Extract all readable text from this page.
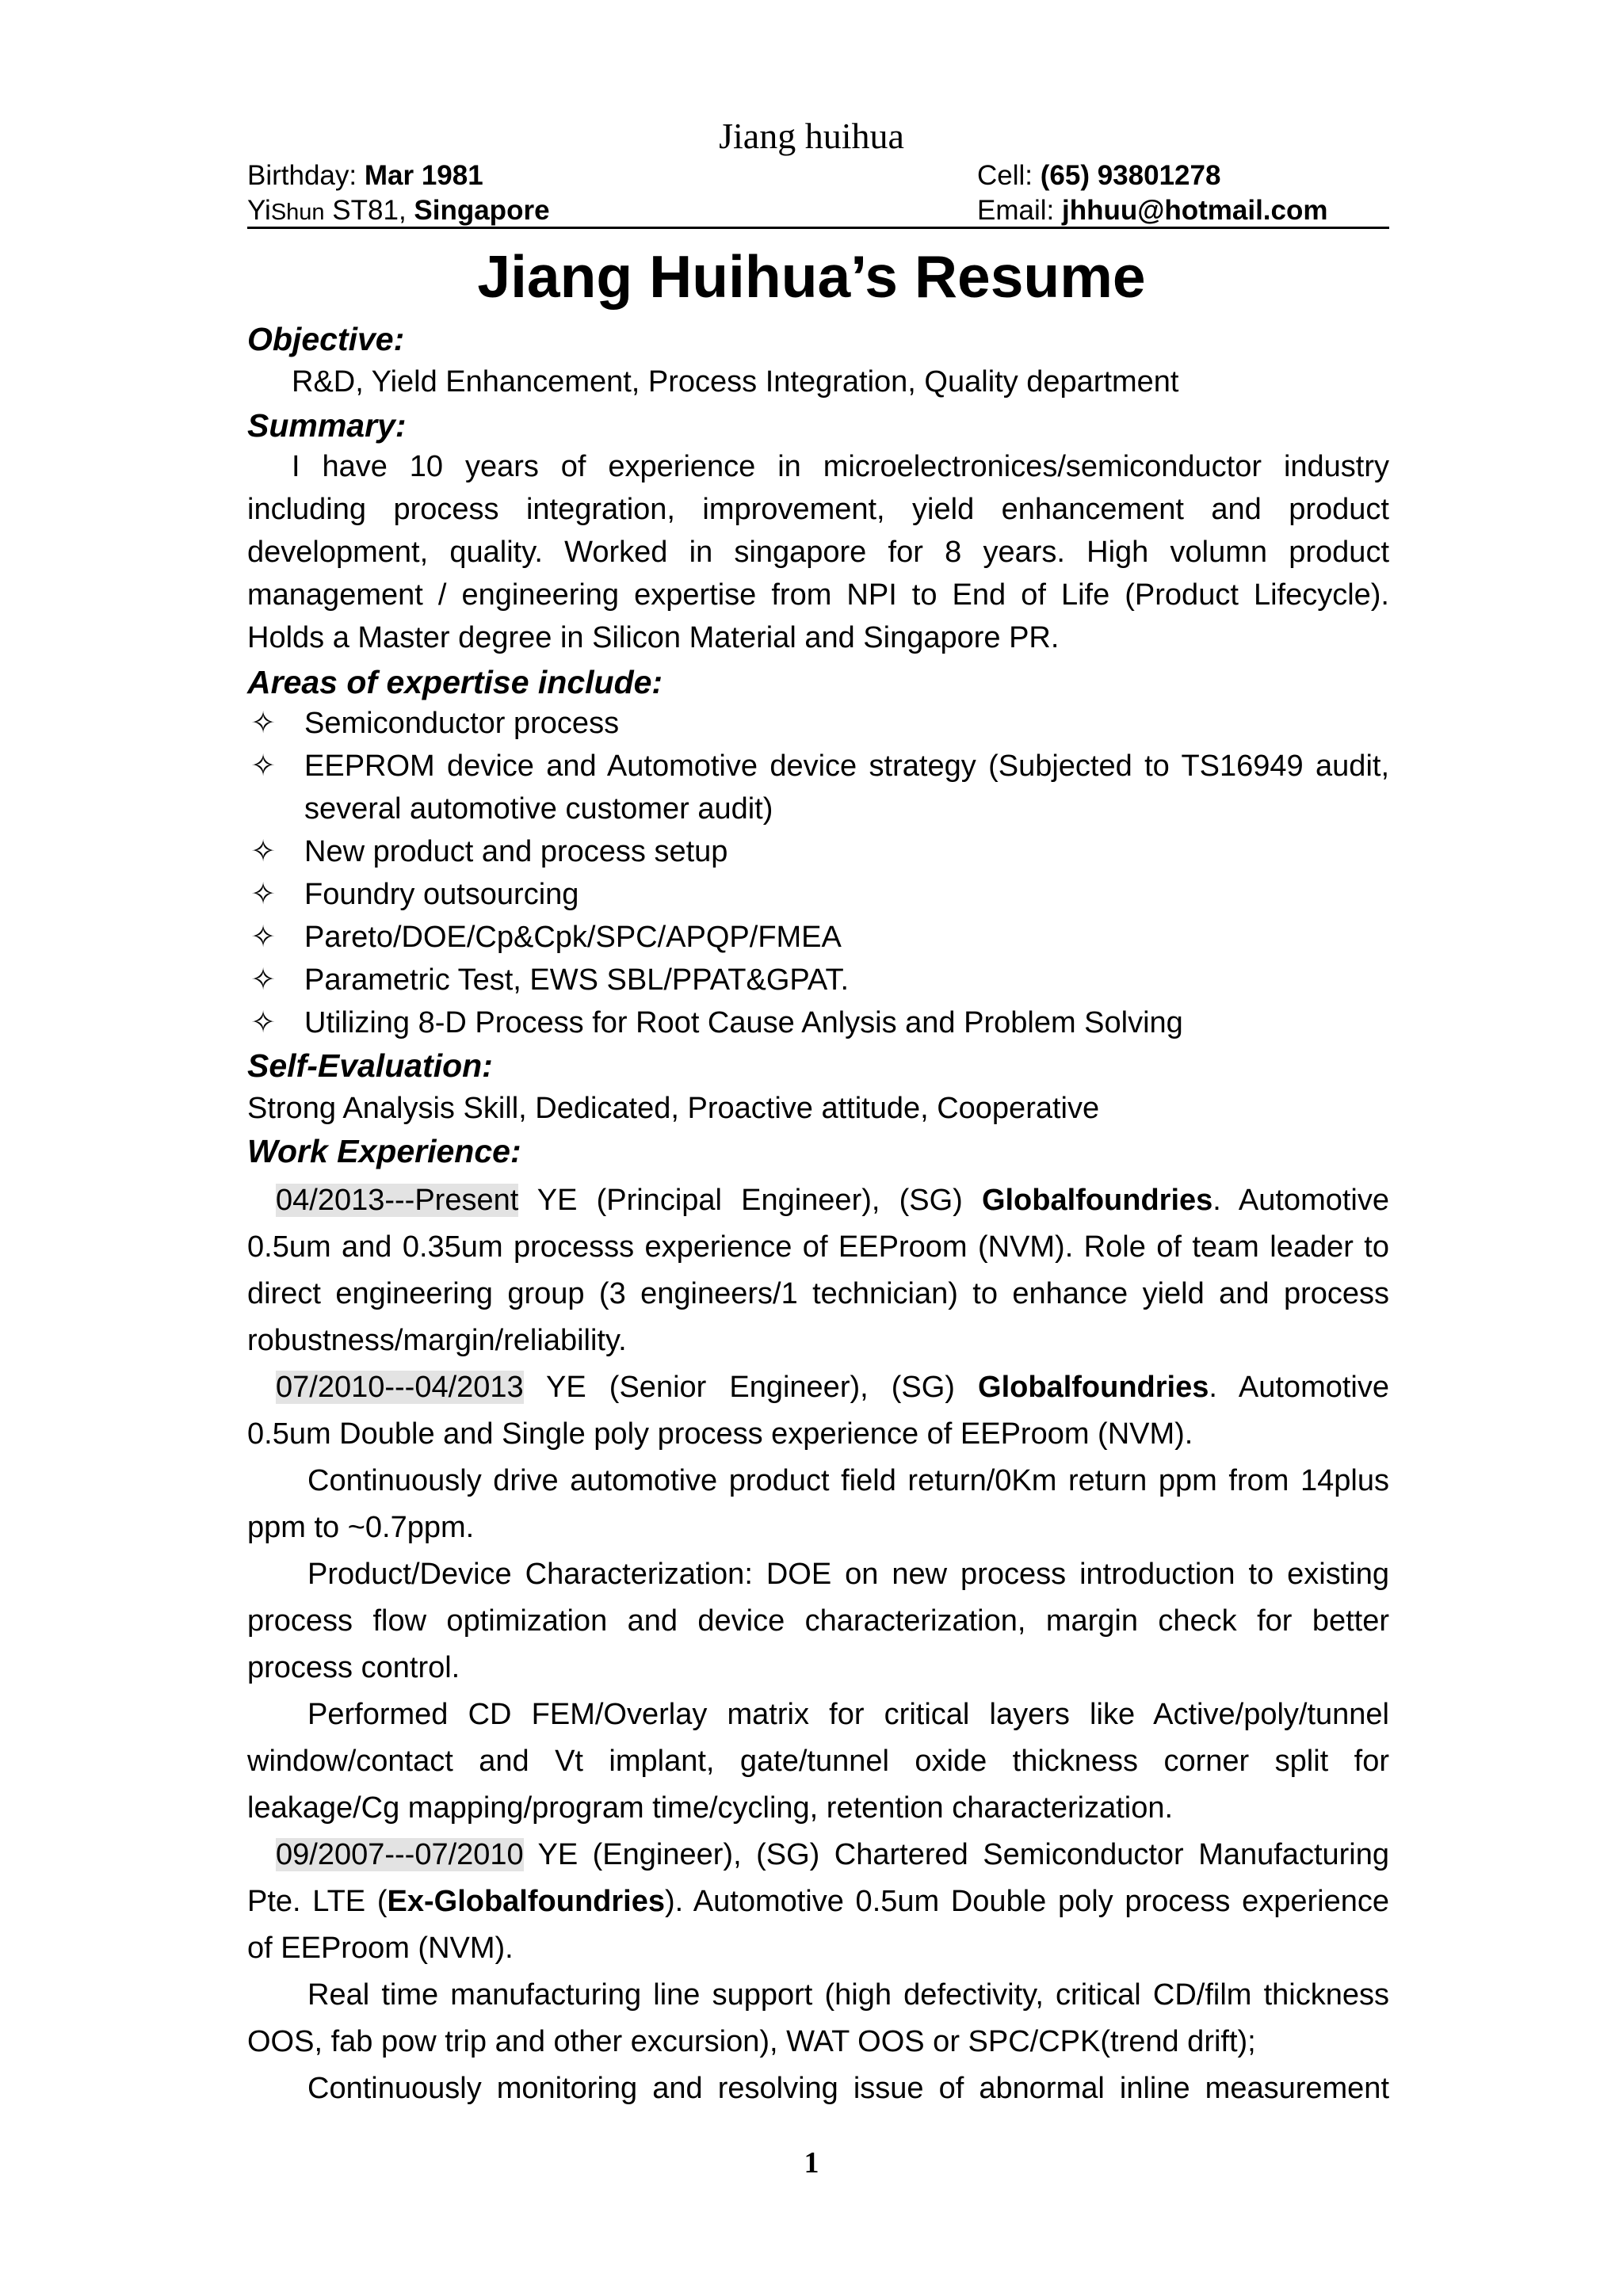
Jiang huihua
Birthday: Mar 1981	Cell: (65) 93801278
YiShun ST81, Singapore	Email: jhhuu@hotmail.com
Jiang Huihua’s Resume
Objective:
R&D, Yield Enhancement, Process Integration, Quality department
Summary:
I have 10 years of experience in microelectronices/semiconductor industry
including process integration, improvement, yield enhancement and product
development, quality. Worked in singapore for 8 years. High volumn product
management / engineering expertise from NPI to End of Life (Product Lifecycle).
Holds a Master degree in Silicon Material and Singapore PR.
Areas of expertise include:
✧ Semiconductor process
✧ EEPROM device and Automotive device strategy (Subjected to TS16949 audit,
several automotive customer audit)
✧ New product and process setup
✧ Foundry outsourcing
✧ Pareto/DOE/Cp&Cpk/SPC/APQP/FMEA
✧ Parametric Test, EWS SBL/PPAT&GPAT.
✧ Utilizing 8-D Process for Root Cause Anlysis and Problem Solving
Self-Evaluation:
Strong Analysis Skill, Dedicated, Proactive attitude, Cooperative
Work Experience:
04/2013---Present YE (Principal Engineer), (SG) Globalfoundries. Automotive
0.5um and 0.35um processs experience of EEProom (NVM). Role of team leader to
direct engineering group (3 engineers/1 technician) to enhance yield and process
robustness/margin/reliability.
07/2010---04/2013 YE (Senior Engineer), (SG) Globalfoundries. Automotive
0.5um Double and Single poly process experience of EEProom (NVM).
Continuously drive automotive product field return/0Km return ppm from 14plus
ppm to ~0.7ppm.
Product/Device Characterization: DOE on new process introduction to existing
process flow optimization and device characterization, margin check for better
process control.
Performed CD FEM/Overlay matrix for critical layers like Active/poly/tunnel
window/contact and Vt implant, gate/tunnel oxide thickness corner split for
leakage/Cg mapping/program time/cycling, retention characterization.
09/2007---07/2010 YE (Engineer), (SG) Chartered Semiconductor Manufacturing
Pte. LTE (Ex-Globalfoundries). Automotive 0.5um Double poly process experience
of EEProom (NVM).
Real time manufacturing line support (high defectivity, critical CD/film thickness
OOS, fab pow trip and other excursion), WAT OOS or SPC/CPK(trend drift);
Continuously monitoring and resolving issue of abnormal inline measurement
1
